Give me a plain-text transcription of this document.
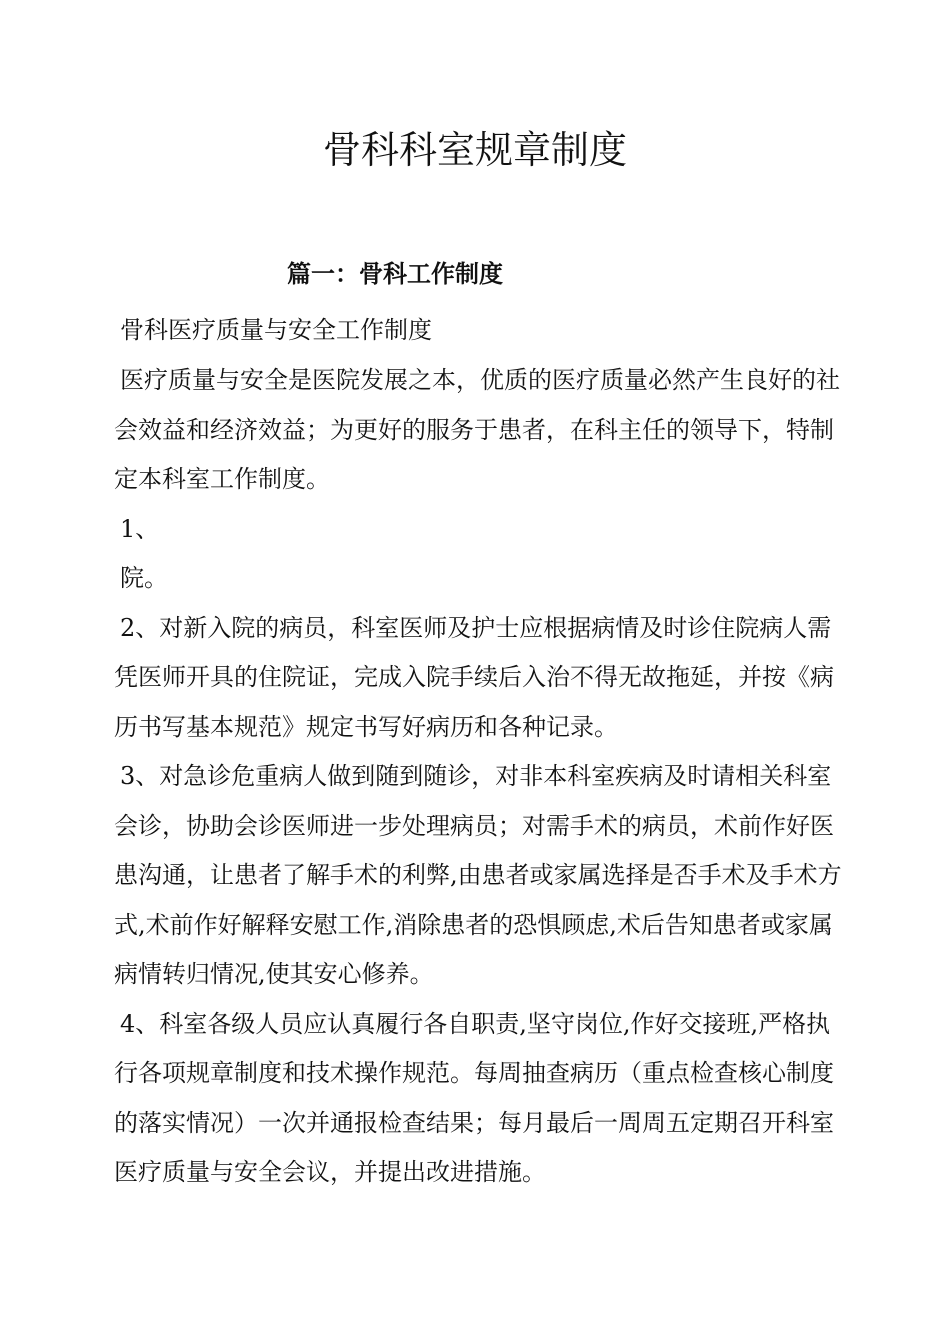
骨科科室规章制度
篇一：骨科工作制度

骨科医疗质量与安全工作制度

医疗质量与安全是医院发展之本，优质的医疗质量必然产生良好的社会效益和经济效益；为更好的服务于患者，在科主任的领导下，特制定本科室工作制度。

1、

院。

2、对新入院的病员，科室医师及护士应根据病情及时诊住院病人需凭医师开具的住院证，完成入院手续后入治不得无故拖延，并按《病历书写基本规范》规定书写好病历和各种记录。

3、对急诊危重病人做到随到随诊，对非本科室疾病及时请相关科室会诊，协助会诊医师进一步处理病员；对需手术的病员，术前作好医患沟通，让患者了解手术的利弊,由患者或家属选择是否手术及手术方式,术前作好解释安慰工作,消除患者的恐惧顾虑,术后告知患者或家属病情转归情况,使其安心修养。

4、科室各级人员应认真履行各自职责,坚守岗位,作好交接班,严格执行各项规章制度和技术操作规范。每周抽查病历（重点检查核心制度的落实情况）一次并通报检查结果；每月最后一周周五定期召开科室医疗质量与安全会议，并提出改进措施。
